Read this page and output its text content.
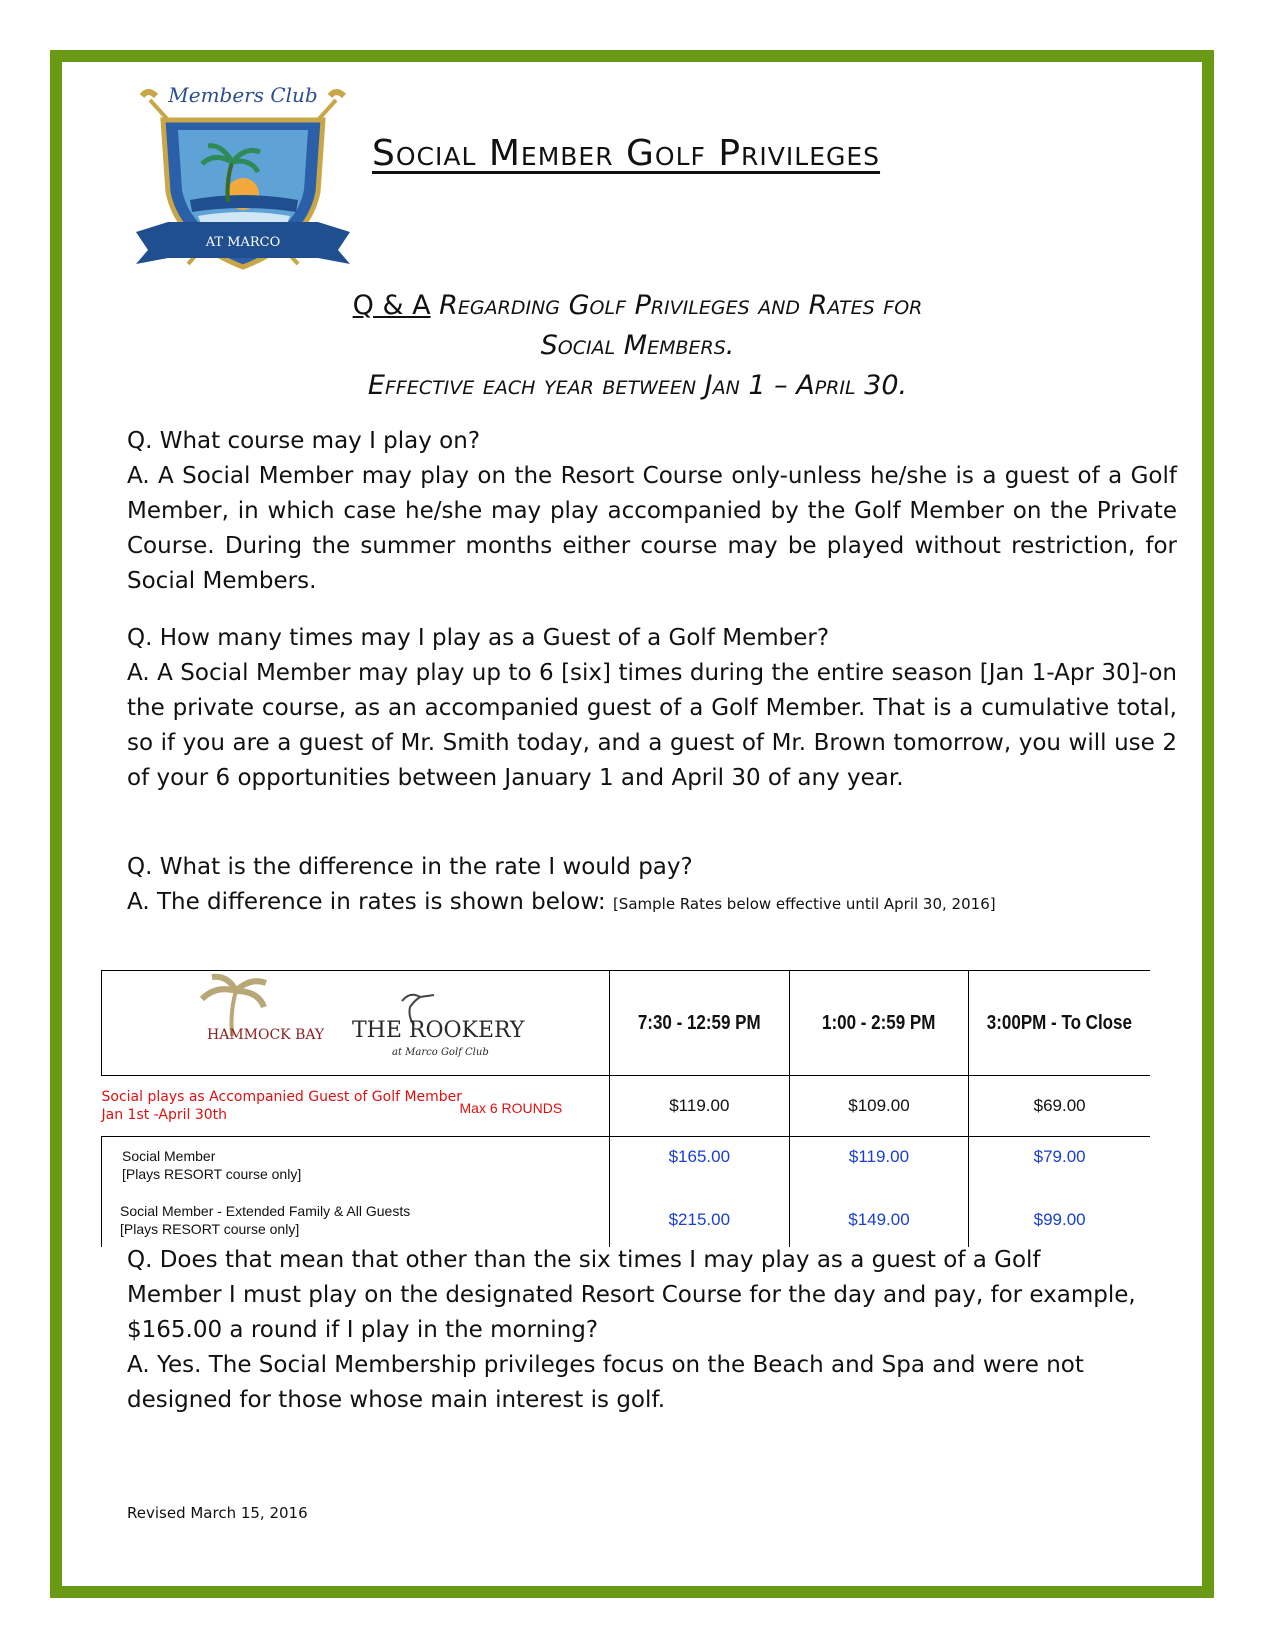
Members Club
AT MARCO
Social Member Golf Privileges
Q & A Regarding Golf Privileges and Rates for
Social Members.
Effective each year between Jan 1 – April 30.

Q. What course may I play on?

A. A Social Member may play on the Resort Course only-unless he/she is a guest of a Golf Member, in which case he/she may play accompanied by the Golf Member on the Private Course. During the summer months either course may be played without restriction, for Social Members.

Q. How many times may I play as a Guest of a Golf Member?

A. A Social Member may play up to 6 [six] times during the entire season [Jan 1-Apr 30]-on the private course, as an accompanied guest of a Golf Member. That is a cumulative total, so if you are a guest of Mr. Smith today, and a guest of Mr. Brown tomorrow, you will use 2 of your 6 opportunities between January 1 and April 30 of any year.

Q. What is the difference in the rate I would pay?

A. The difference in rates is shown below: [Sample Rates below effective until April 30, 2016]

HAMMOCK BAY THE ROOKERY
at Marco Golf Club	7:30 - 12:59 PM	1:00 - 2:59 PM	3:00PM - To Close

Social plays as Accompanied Guest of Golf Member
Jan 1st -April 30th Max 6 ROUNDS	$119.00	$109.00	$69.00

Social Member
[Plays RESORT course only]	$165.00	$119.00	$79.00

Social Member - Extended Family & All Guests
[Plays RESORT course only]	$215.00	$149.00	$99.00

Q. Does that mean that other than the six times I may play as a guest of a Golf Member I must play on the designated Resort Course for the day and pay, for example, $165.00 a round if I play in the morning?

A. Yes. The Social Membership privileges focus on the Beach and Spa and were not designed for those whose main interest is golf.

Revised March 15, 2016
